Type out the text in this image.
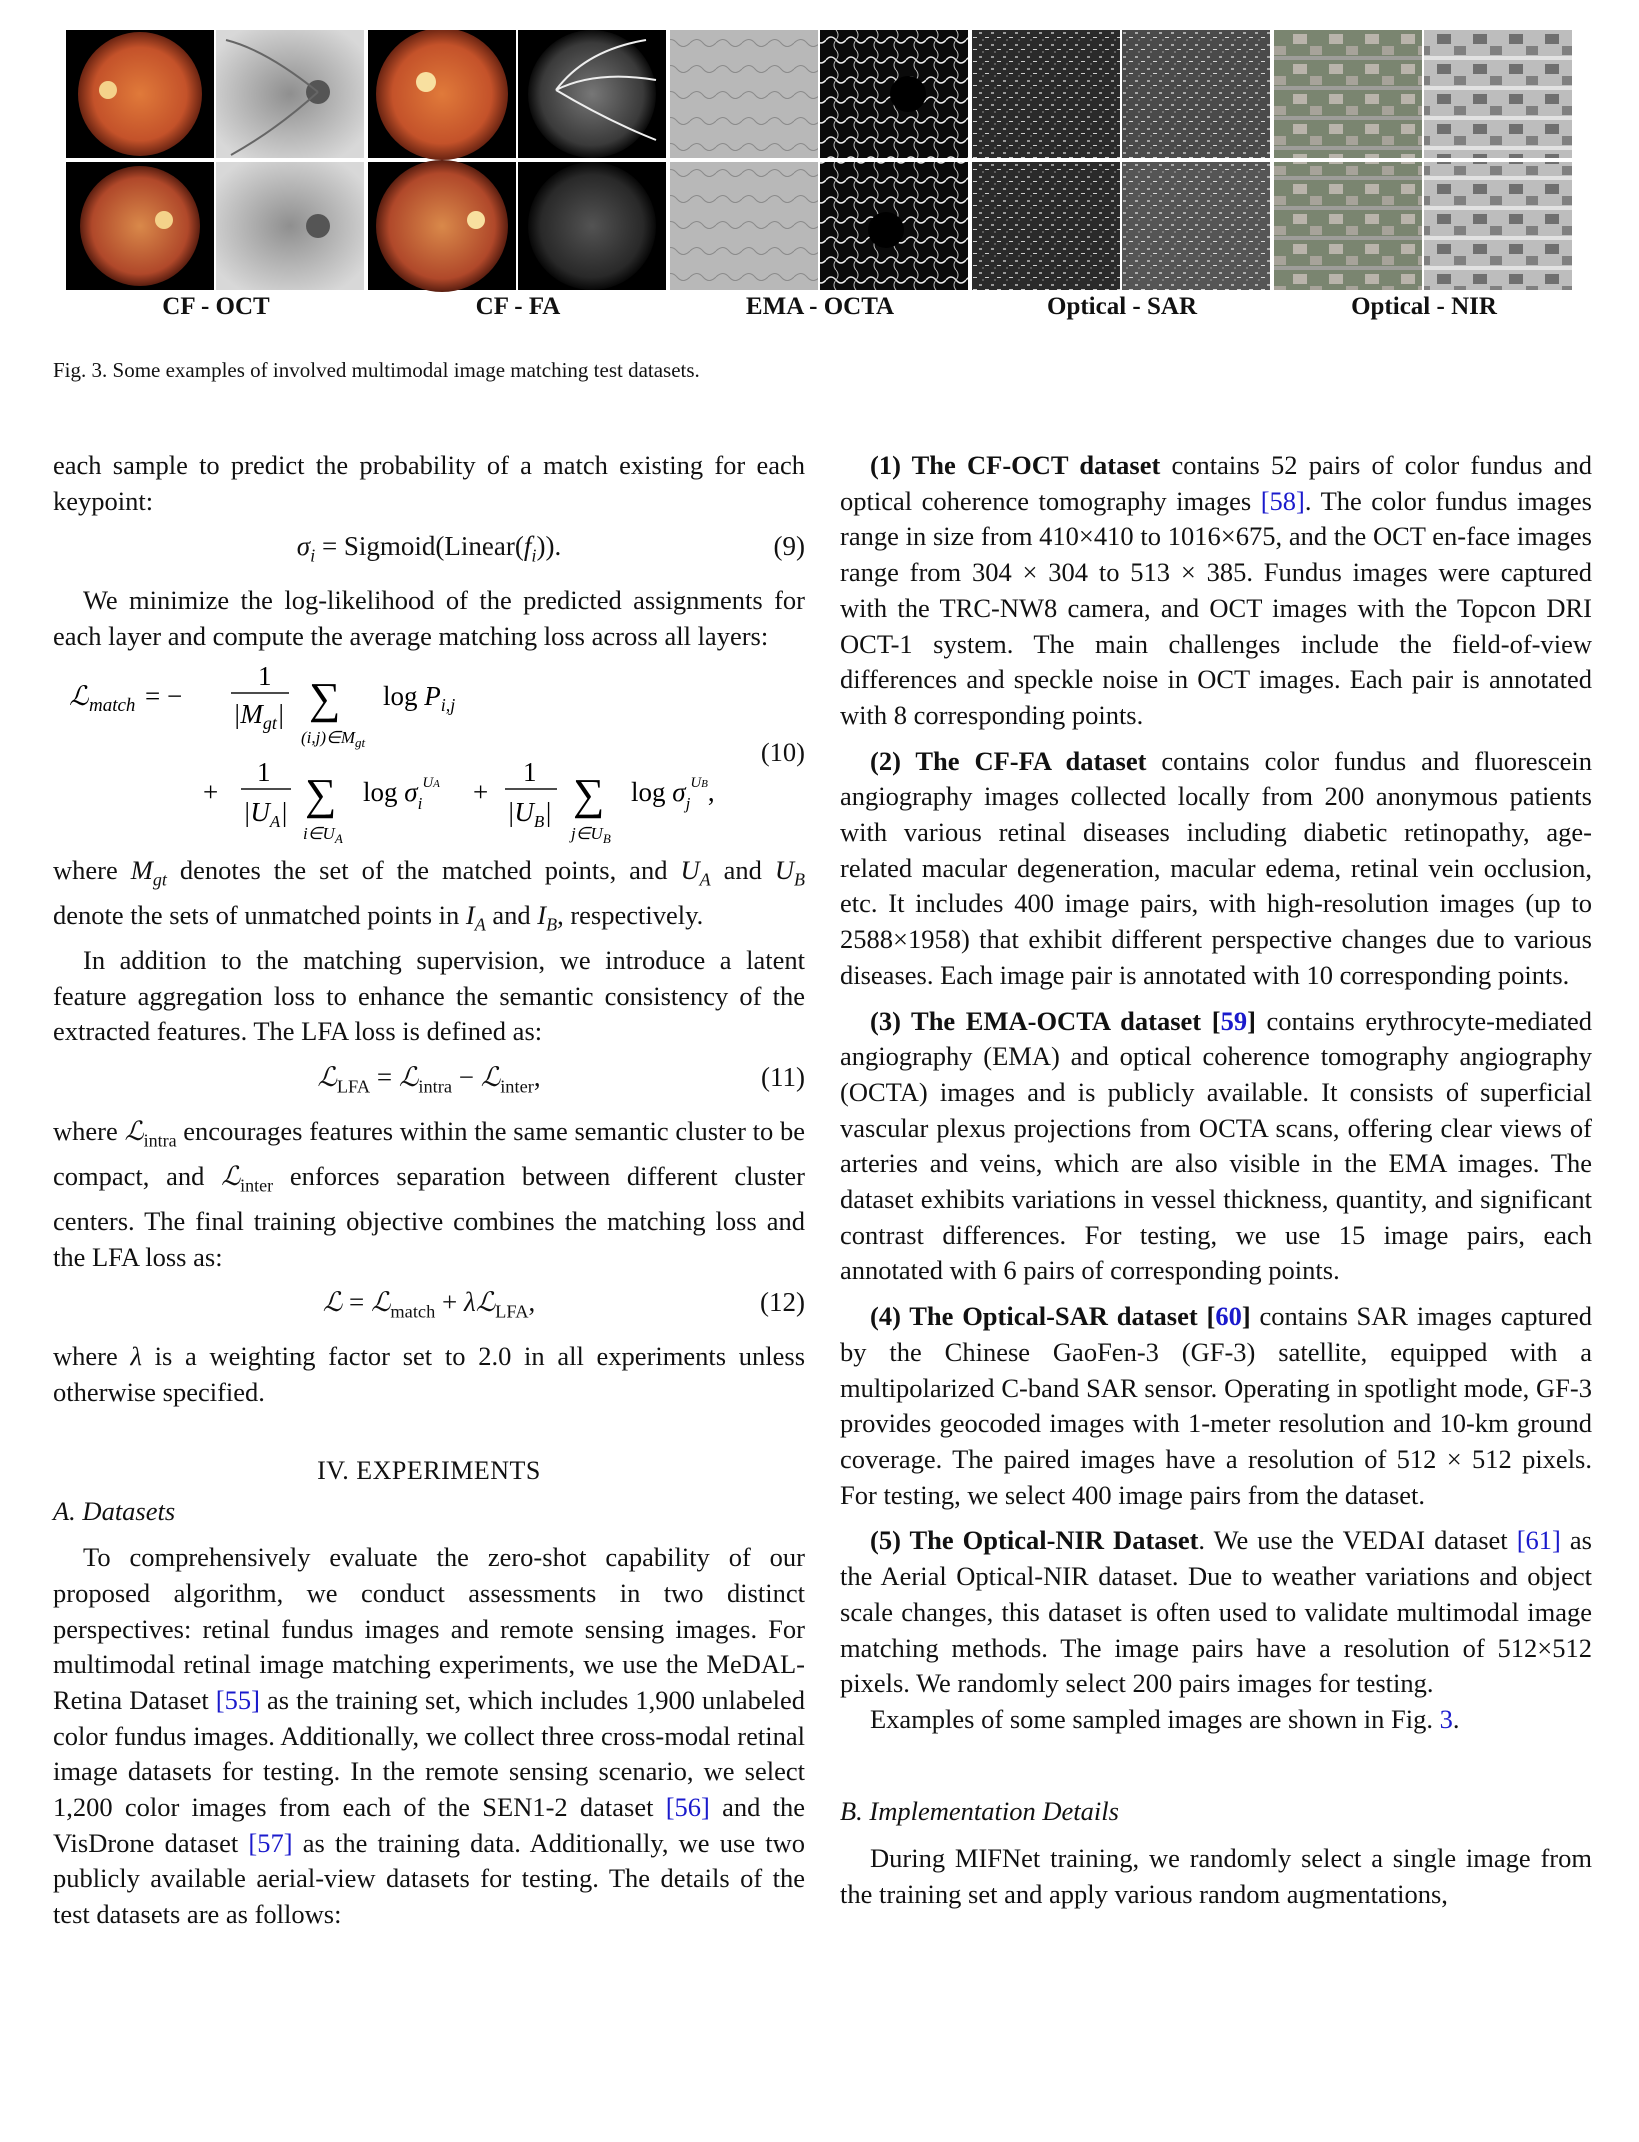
CF - OCT	CF - FA	EMA - OCTA	Optical - SAR	Optical - NIR
Fig. 3. Some examples of involved multimodal image matching test datasets.

each sample to predict the probability of a match existing for each keypoint:

$\sigma_i$ = $Sigmoid(Linear(f_i))$.	(9)

We minimize the log-likelihood of the predicted assignments for each layer and compute the average matching loss across all layers:

ℒ match = −
1
$|M_{gt}|$ ∑
$(i,j)\in M_{gt}$
$\log P_{i,j}$
+
1
$|U_A|$ ∑
$i\in U_A$
$\log \sigma_i^{UA}$ +
1
$|U_B|$ ∑
$j\in U_B$
$\log \sigma_j^{UB}$,
(10)

where $M_{gt}$ denotes the set of the matched points, and $U_A$ and $U_B$ denote the sets of unmatched points in $I_A$ and $I_B$, respectively.

In addition to the matching supervision, we introduce a latent feature aggregation loss to enhance the semantic consistency of the extracted features. The LFA loss is defined as:

ℒ$_{LFA}$ = ℒ$_{intra}$ − ℒ$_{inter}$,	(11)

where ℒ$_{intra}$ encourages features within the same semantic cluster to be compact, and ℒ$_{inter}$ enforces separation between different cluster centers. The final training objective combines the matching loss and the LFA loss as:

ℒ = ℒ$_{match}$ + λℒ$_{LFA}$,	(12)

where λ is a weighting factor set to 2.0 in all experiments unless otherwise specified.

IV. EXPERIMENTS
A. Datasets

To comprehensively evaluate the zero-shot capability of our proposed algorithm, we conduct assessments in two distinct perspectives: retinal fundus images and remote sensing images. For multimodal retinal image matching experiments, we use the MeDAL-Retina Dataset [55] as the training set, which includes 1,900 unlabeled color fundus images. Additionally, we collect three cross-modal retinal image datasets for testing. In the remote sensing scenario, we select 1,200 color images from each of the SEN1-2 dataset [56] and the VisDrone dataset [57] as the training data. Additionally, we use two publicly available aerial-view datasets for testing. The details of the test datasets are as follows:

(1) The CF-OCT dataset contains 52 pairs of color fundus and optical coherence tomography images [58]. The color fundus images range in size from 410×410 to 1016×675, and the OCT en-face images range from 304 × 304 to 513 × 385. Fundus images were captured with the TRC-NW8 camera, and OCT images with the Topcon DRI OCT-1 system. The main challenges include the field-of-view differences and speckle noise in OCT images. Each pair is annotated with 8 corresponding points.

(2) The CF-FA dataset contains color fundus and fluorescein angiography images collected locally from 200 anonymous patients with various retinal diseases including diabetic retinopathy, age-related macular degeneration, macular edema, retinal vein occlusion, etc. It includes 400 image pairs, with high-resolution images (up to 2588×1958) that exhibit different perspective changes due to various diseases. Each image pair is annotated with 10 corresponding points.

(3) The EMA-OCTA dataset [59] contains erythrocyte-mediated angiography (EMA) and optical coherence tomography angiography (OCTA) images and is publicly available. It consists of superficial vascular plexus projections from OCTA scans, offering clear views of arteries and veins, which are also visible in the EMA images. The dataset exhibits variations in vessel thickness, quantity, and significant contrast differences. For testing, we use 15 image pairs, each annotated with 6 pairs of corresponding points.

(4) The Optical-SAR dataset [60] contains SAR images captured by the Chinese GaoFen-3 (GF-3) satellite, equipped with a multipolarized C-band SAR sensor. Operating in spotlight mode, GF-3 provides geocoded images with 1-meter resolution and 10-km ground coverage. The paired images have a resolution of 512 × 512 pixels. For testing, we select 400 image pairs from the dataset.

(5) The Optical-NIR Dataset. We use the VEDAI dataset [61] as the Aerial Optical-NIR dataset. Due to weather variations and object scale changes, this dataset is often used to validate multimodal image matching methods. The image pairs have a resolution of 512×512 pixels. We randomly select 200 pairs images for testing.

Examples of some sampled images are shown in Fig. 3.

B. Implementation Details

During MIFNet training, we randomly select a single image from the training set and apply various random augmentations,
